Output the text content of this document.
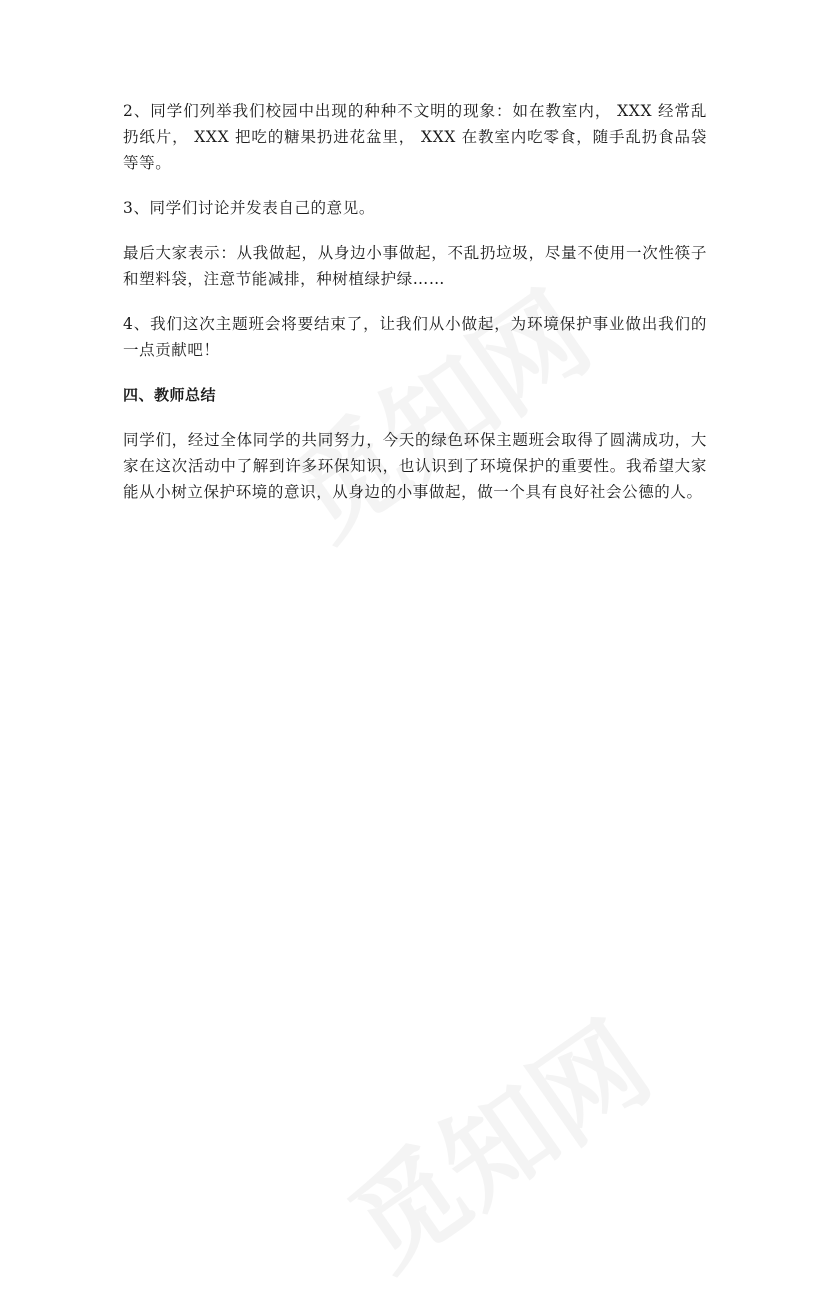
2、同学们列举我们校园中出现的种种不文明的现象：如在教室内， XXX 经常乱扔纸片， XXX 把吃的糖果扔进花盆里， XXX 在教室内吃零食，随手乱扔食品袋等等。

3、同学们讨论并发表自己的意见。

最后大家表示：从我做起，从身边小事做起，不乱扔垃圾，尽量不使用一次性筷子和塑料袋，注意节能减排，种树植绿护绿……

4、我们这次主题班会将要结束了，让我们从小做起，为环境保护事业做出我们的一点贡献吧！

四、教师总结

同学们，经过全体同学的共同努力，今天的绿色环保主题班会取得了圆满成功，大家在这次活动中了解到许多环保知识，也认识到了环境保护的重要性。我希望大家能从小树立保护环境的意识，从身边的小事做起，做一个具有良好社会公德的人。
